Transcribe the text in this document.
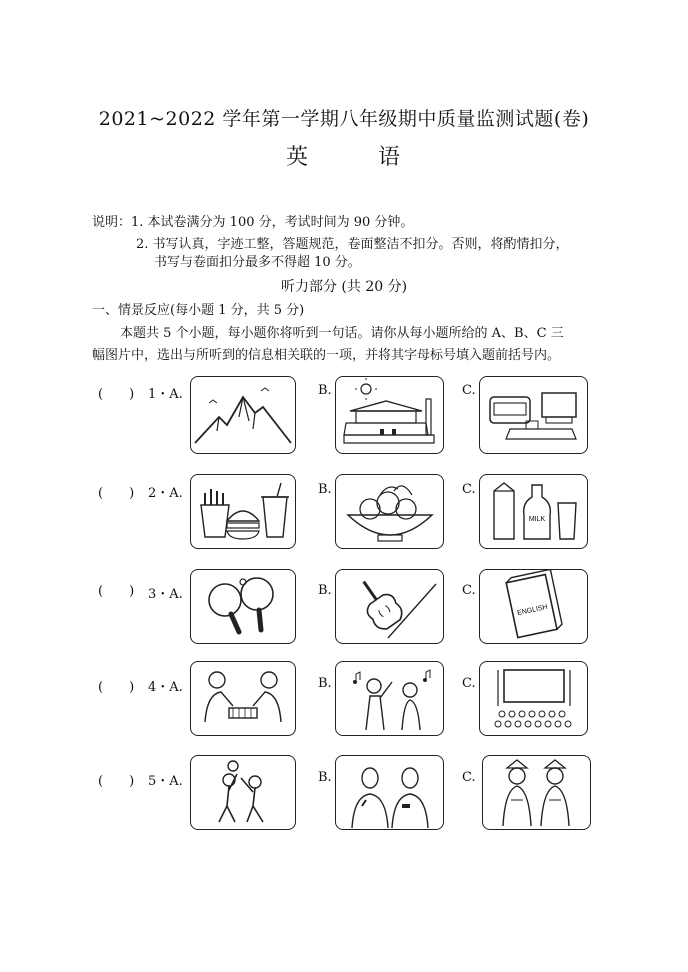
2021~2022 学年第一学期八年级期中质量监测试题(卷)
英	语
说明：1. 本试卷满分为 100 分，考试时间为 90 分钟。
2. 书写认真，字迹工整，答题规范，卷面整洁不扣分。否则，将酌情扣分，
书写与卷面扣分最多不得超 10 分。
听力部分 (共 20 分)
一、情景反应(每小题 1 分，共 5 分)
本题共 5 个小题，每小题你将听到一句话。请你从每小题所给的 A、B、C 三
幅图片中，选出与所听到的信息相关联的一项，并将其字母标号填入题前括号内。
(　　) 1・A.	B.	C.
(　　) 2・A.	B.	C.
MILK
(　　) 3・A.	B.	C.
ENGLISH
(　　) 4・A.	B.	C.
(　　) 5・A.	B.	C.
